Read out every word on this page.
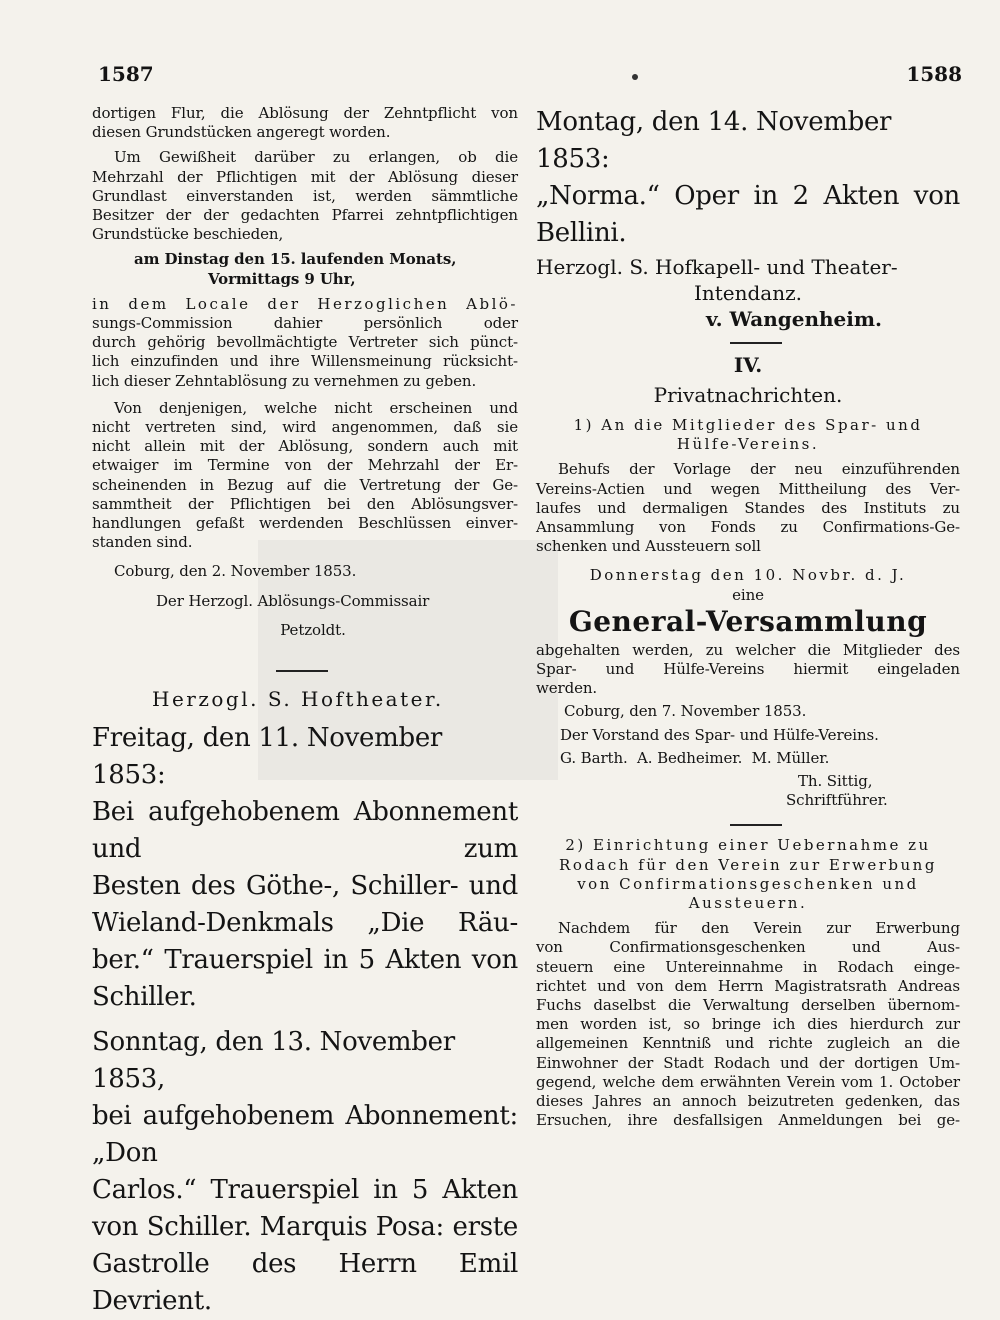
1587	1588

dortigen Flur, die Ablösung der Zehntpflicht von

diesen Grundstücken angeregt worden.

Um Gewißheit darüber zu erlangen, ob die

Mehrzahl der Pflichtigen mit der Ablösung dieser

Grundlast einverstanden ist, werden sämmtliche

Besitzer der der gedachten Pfarrei zehntpflichtigen

Grundstücke beschieden,

am Dinstag den 15. laufenden Monats,

Vormittags 9 Uhr,

in dem Locale der Herzoglichen Ablö-

sungs-Commission dahier persönlich oder

durch gehörig bevollmächtigte Vertreter sich pünct-

lich einzufinden und ihre Willensmeinung rücksicht-

lich dieser Zehntablösung zu vernehmen zu geben.

Von denjenigen, welche nicht erscheinen und

nicht vertreten sind, wird angenommen, daß sie

nicht allein mit der Ablösung, sondern auch mit

etwaiger im Termine von der Mehrzahl der Er-

scheinenden in Bezug auf die Vertretung der Ge-

sammtheit der Pflichtigen bei den Ablösungsver-

handlungen gefaßt werdenden Beschlüssen einver-

standen sind.

Coburg, den 2. November 1853.

Der Herzogl. Ablösungs-Commissair

Petzoldt.

Herzogl. S. Hoftheater.

Freitag, den 11. November 1853:

Bei aufgehobenem Abonnement und zum

Besten des Göthe-, Schiller- und

Wieland-Denkmals „Die Räu-

ber.“ Trauerspiel in 5 Akten von

Schiller.

Sonntag, den 13. November 1853,

bei aufgehobenem Abonnement: „Don

Carlos.“ Trauerspiel in 5 Akten

von Schiller. Marquis Posa: erste

Gastrolle des Herrn Emil Devrient.

Montag, den 14. November 1853:

„Norma.“ Oper in 2 Akten von

Bellini.

Herzogl. S. Hofkapell- und Theater-

Intendanz.

v. Wangenheim.

IV.

Privatnachrichten.

1) An die Mitglieder des Spar- und

Hülfe-Vereins.

Behufs der Vorlage der neu einzuführenden

Vereins-Actien und wegen Mittheilung des Ver-

laufes und dermaligen Standes des Instituts zu

Ansammlung von Fonds zu Confirmations-Ge-

schenken und Aussteuern soll

Donnerstag den 10. Novbr. d. J.

eine

General-Versammlung

abgehalten werden, zu welcher die Mitglieder des

Spar- und Hülfe-Vereins hiermit eingeladen

werden.

Coburg, den 7. November 1853.

Der Vorstand des Spar- und Hülfe-Vereins.

G. Barth.  A. Bedheimer.  M. Müller.

Th. Sittig,

Schriftführer.

2) Einrichtung einer Uebernahme zu

Rodach für den Verein zur Erwerbung

von Confirmationsgeschenken und

Aussteuern.

Nachdem für den Verein zur Erwerbung

von Confirmationsgeschenken und Aus-

steuern eine Untereinnahme in Rodach einge-

richtet und von dem Herrn Magistratsrath Andreas

Fuchs daselbst die Verwaltung derselben übernom-

men worden ist, so bringe ich dies hierdurch zur

allgemeinen Kenntniß und richte zugleich an die

Einwohner der Stadt Rodach und der dortigen Um-

gegend, welche dem erwähnten Verein vom 1. October

dieses Jahres an annoch beizutreten gedenken, das

Ersuchen, ihre desfallsigen Anmeldungen bei ge-
